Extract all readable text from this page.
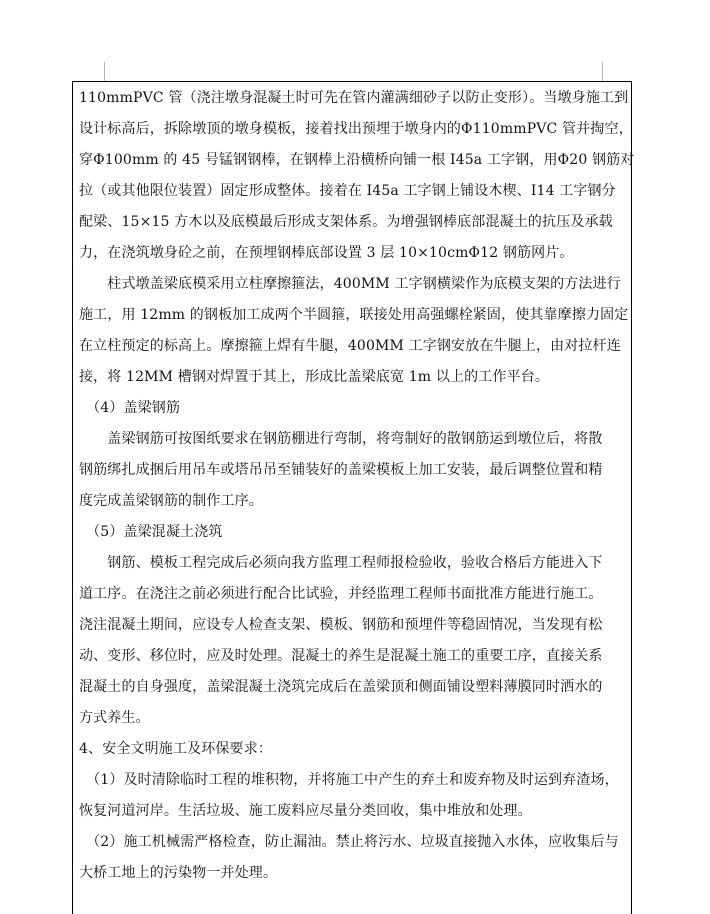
110mmPVC 管（浇注墩身混凝土时可先在管内灌满细砂子以防止变形）。当墩身施工到
设计标高后，拆除墩顶的墩身模板，接着找出预埋于墩身内的Φ110mmPVC 管并掏空，
穿Φ100mm 的 45 号锰钢钢棒，在钢棒上沿横桥向铺一根 I45a 工字钢，用Φ20 钢筋对
拉（或其他限位装置）固定形成整体。接着在 I45a 工字钢上铺设木楔、I14 工字钢分
配梁、15×15 方木以及底模最后形成支架体系。为增强钢棒底部混凝土的抗压及承载
力，在浇筑墩身砼之前，在预埋钢棒底部设置 3 层 10×10cmΦ12 钢筋网片。
　　柱式墩盖梁底模采用立柱摩擦箍法，400MM 工字钢横梁作为底模支架的方法进行
施工，用 12mm 的钢板加工成两个半圆箍，联接处用高强螺栓紧固，使其靠摩擦力固定
在立柱预定的标高上。摩擦箍上焊有牛腿，400MM 工字钢安放在牛腿上，由对拉杆连
接，将 12MM 槽钢对焊置于其上，形成比盖梁底宽 1m 以上的工作平台。
　（4）盖梁钢筋
　　盖梁钢筋可按图纸要求在钢筋棚进行弯制，将弯制好的散钢筋运到墩位后，将散
钢筋绑扎成捆后用吊车或塔吊吊至铺装好的盖梁模板上加工安装，最后调整位置和精
度完成盖梁钢筋的制作工序。
　（5）盖梁混凝土浇筑
　　钢筋、模板工程完成后必须向我方监理工程师报检验收，验收合格后方能进入下
道工序。在浇注之前必须进行配合比试验，并经监理工程师书面批准方能进行施工。
浇注混凝土期间，应设专人检查支架、模板、钢筋和预埋件等稳固情况，当发现有松
动、变形、移位时，应及时处理。混凝土的养生是混凝土施工的重要工序，直接关系
混凝土的自身强度，盖梁混凝土浇筑完成后在盖梁顶和侧面铺设塑料薄膜同时洒水的
方式养生。
4、安全文明施工及环保要求：
　（1）及时清除临时工程的堆积物，并将施工中产生的弃土和废弃物及时运到弃渣场，
恢复河道河岸。生活垃圾、施工废料应尽量分类回收，集中堆放和处理。
　（2）施工机械需严格检查，防止漏油。禁止将污水、垃圾直接抛入水体，应收集后与
大桥工地上的污染物一并处理。
